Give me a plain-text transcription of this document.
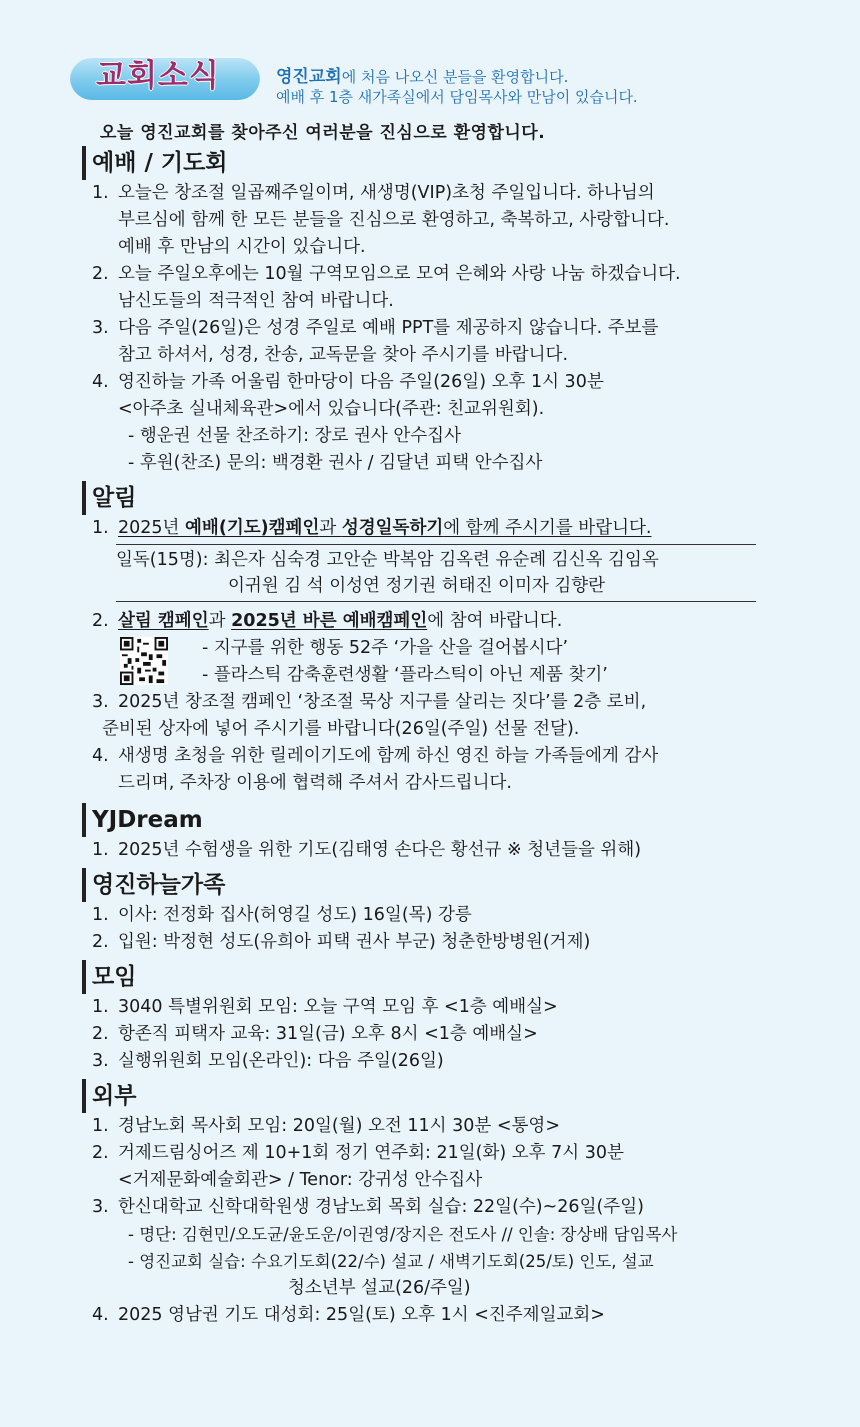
교회소식	영진교회에 처음 나오신 분들을 환영합니다.
예배 후 1층 새가족실에서 담임목사와 만남이 있습니다.
오늘 영진교회를 찾아주신 여러분을 진심으로 환영합니다.
예배 / 기도회
1. 오늘은 창조절 일곱째주일이며, 새생명(VIP)초청 주일입니다. 하나님의
부르심에 함께 한 모든 분들을 진심으로 환영하고, 축복하고, 사랑합니다.
예배 후 만남의 시간이 있습니다.
2. 오늘 주일오후에는 10월 구역모임으로 모여 은혜와 사랑 나눔 하겠습니다.
남신도들의 적극적인 참여 바랍니다.
3. 다음 주일(26일)은 성경 주일로 예배 PPT를 제공하지 않습니다. 주보를
참고 하셔서, 성경, 찬송, 교독문을 찾아 주시기를 바랍니다.
4. 영진하늘 가족 어울림 한마당이 다음 주일(26일) 오후 1시 30분
<아주초 실내체육관>에서 있습니다(주관: 친교위원회).
- 행운권 선물 찬조하기: 장로 권사 안수집사
- 후원(찬조) 문의: 백경환 권사 / 김달년 피택 안수집사
알림
1. 2025년 예배(기도)캠페인과 성경일독하기에 함께 주시기를 바랍니다.
일독(15명): 최은자 심숙경 고안순 박복암 김옥련 유순례 김신옥 김임옥
이귀원 김 석 이성연 정기권 허태진 이미자 김향란
2. 살림 캠페인과 2025년 바른 예배캠페인에 참여 바랍니다.
- 지구를 위한 행동 52주 ‘가을 산을 걸어봅시다’
- 플라스틱 감축훈련생활 ‘플라스틱이 아닌 제품 찾기’
3. 2025년 창조절 캠페인 ‘창조절 묵상 지구를 살리는 짓다’를 2층 로비,
준비된 상자에 넣어 주시기를 바랍니다(26일(주일) 선물 전달).
4. 새생명 초청을 위한 릴레이기도에 함께 하신 영진 하늘 가족들에게 감사
드리며, 주차장 이용에 협력해 주셔서 감사드립니다.
YJDream
1. 2025년 수험생을 위한 기도(김태영 손다은 황선규 ※ 청년들을 위해)
영진하늘가족
1. 이사: 전정화 집사(허영길 성도) 16일(목) 강릉
2. 입원: 박정현 성도(유희아 피택 권사 부군) 청춘한방병원(거제)
모임
1. 3040 특별위원회 모임: 오늘 구역 모임 후 <1층 예배실>
2. 항존직 피택자 교육: 31일(금) 오후 8시 <1층 예배실>
3. 실행위원회 모임(온라인): 다음 주일(26일)
외부
1. 경남노회 목사회 모임: 20일(월) 오전 11시 30분 <통영>
2. 거제드림싱어즈 제 10+1회 정기 연주회: 21일(화) 오후 7시 30분
<거제문화예술회관> / Tenor: 강귀성 안수집사
3. 한신대학교 신학대학원생 경남노회 목회 실습: 22일(수)~26일(주일)
- 명단: 김현민/오도균/윤도운/이권영/장지은 전도사 // 인솔: 장상배 담임목사
- 영진교회 실습: 수요기도회(22/수) 설교 / 새벽기도회(25/토) 인도, 설교
청소년부 설교(26/주일)
4. 2025 영남권 기도 대성회: 25일(토) 오후 1시 <진주제일교회>
